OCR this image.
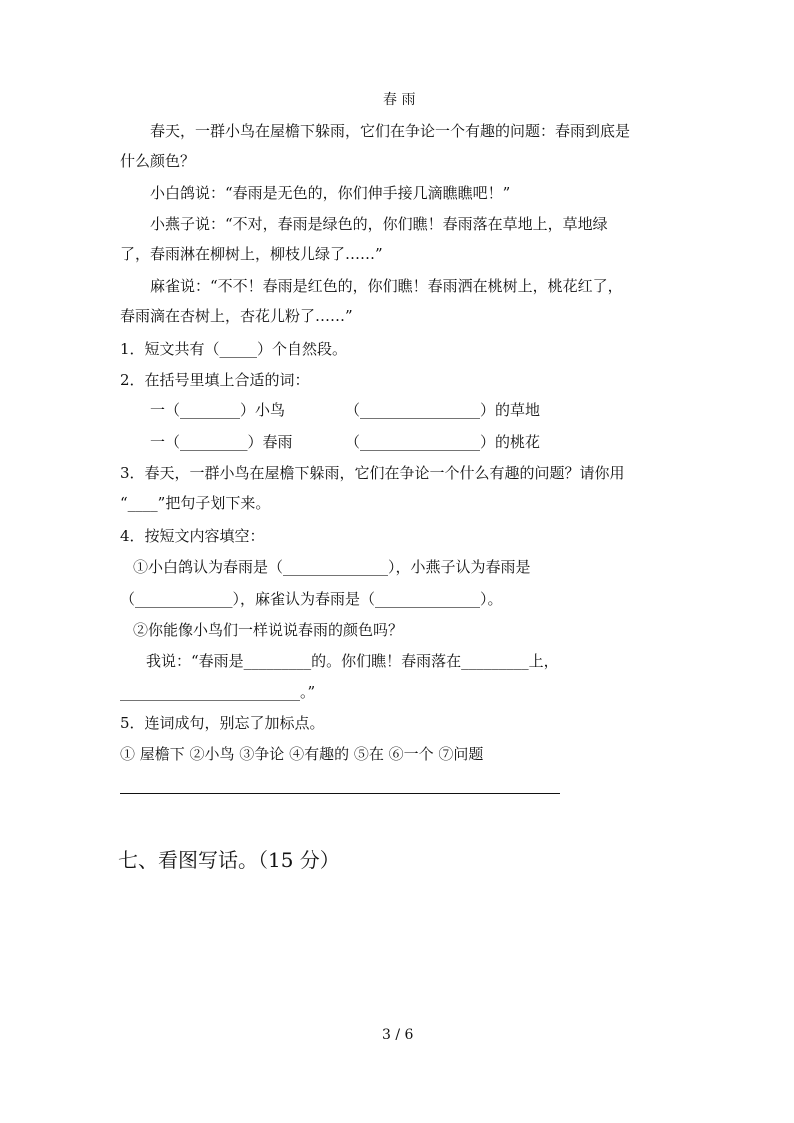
春 雨
春天，一群小鸟在屋檐下躲雨，它们在争论一个有趣的问题：春雨到底是
什么颜色？
小白鸽说：“春雨是无色的，你们伸手接几滴瞧瞧吧！”
小燕子说：“不对，春雨是绿色的，你们瞧！春雨落在草地上，草地绿
了，春雨淋在柳树上，柳枝儿绿了……”
麻雀说：“不不！春雨是红色的，你们瞧！春雨洒在桃树上，桃花红了，
春雨滴在杏树上，杏花儿粉了……”
1．短文共有（_____）个自然段。
2．在括号里填上合适的词：
一（________）小鸟	（________________）的草地
一（_________）春雨	（________________）的桃花
3．春天，一群小鸟在屋檐下躲雨，它们在争论一个什么有趣的问题？请你用
“____”把句子划下来。
4．按短文内容填空：
①小白鸽认为春雨是（______________），小燕子认为春雨是
（_____________），麻雀认为春雨是（______________）。
②你能像小鸟们一样说说春雨的颜色吗？
我说：“春雨是_________的。你们瞧！春雨落在_________上，
________________________。”
5．连词成句，别忘了加标点。
① 屋檐下 ②小鸟 ③争论 ④有趣的 ⑤在 ⑥一个 ⑦问题
七、看图写话。（15 分）
3 / 6
